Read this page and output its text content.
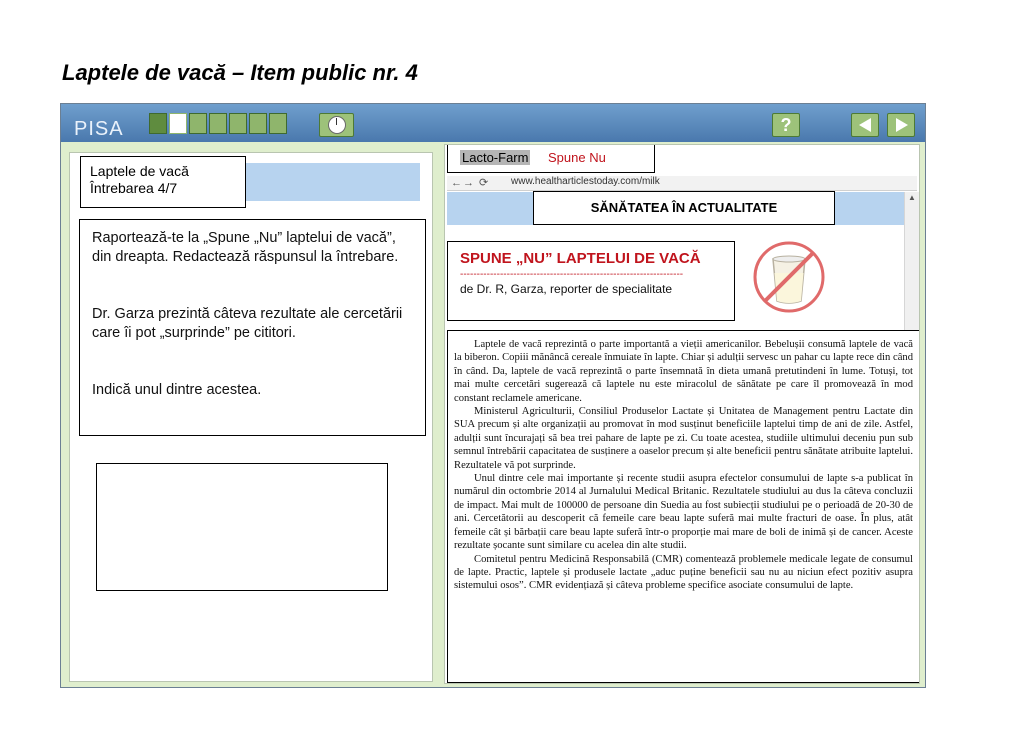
Laptele de vacă – Item public nr. 4
PISA	?
Laptele de vacă
Întrebarea 4/7

Raportează-te la „Spune „Nu” laptelui de vacă”, din dreapta. Redactează răspunsul la întrebare.

Dr. Garza prezintă câteva rezultate ale cercetării care îi pot „surprinde” pe cititori.

Indică unul dintre acestea.

←→ ⟳ www.healtharticlestoday.com/milk
Lacto-Farm Spune Nu
SĂNĂTATEA ÎN ACTUALITATE
▲
SPUNE „NU” LAPTELUI DE VACĂ
-------------------------------------------------------------------
de Dr. R, Garza, reporter de specialitate

Laptele de vacă reprezintă o parte importantă a vieții americanilor. Bebelușii consumă laptele de vacă la biberon. Copiii mănâncă cereale înmuiate în lapte. Chiar și adulții servesc un pahar cu lapte rece din când în când. Da, laptele de vacă reprezintă o parte însemnată în dieta umană pretutindeni în lume. Totuși, tot mai multe cercetări sugerează că laptele nu este miracolul de sănătate pe care îl promovează în mod constant reclamele americane.

Ministerul Agriculturii, Consiliul Produselor Lactate și Unitatea de Management pentru Lactate din SUA precum și alte organizații au promovat în mod susținut beneficiile laptelui timp de ani de zile. Astfel, adulții sunt încurajați să bea trei pahare de lapte pe zi. Cu toate acestea, studiile ultimului deceniu pun sub semnul întrebării capacitatea de susținere a oaselor precum și alte beneficii pentru sănătate atribuite laptelui. Rezultatele vă pot surprinde.

Unul dintre cele mai importante și recente studii asupra efectelor consumului de lapte s-a publicat în numărul din octombrie 2014 al Jurnalului Medical Britanic. Rezultatele studiului au dus la câteva concluzii de impact. Mai mult de 100000 de persoane din Suedia au fost subiecții studiului pe o perioadă de 20-30 de ani. Cercetătorii au descoperit că femeile care beau lapte suferă mai multe fracturi de oase. În plus, atât femeile cât și bărbații care beau lapte suferă într-o proporție mai mare de boli de inimă și de cancer. Aceste rezultate șocante sunt similare cu acelea din alte studii.

Comitetul pentru Medicină Responsabilă (CMR) comentează problemele medicale legate de consumul de lapte. Practic, laptele și produsele lactate „aduc puține beneficii sau nu au niciun efect pozitiv asupra sistemului osos”. CMR evidențiază și câteva probleme specifice asociate consumului de lapte.
